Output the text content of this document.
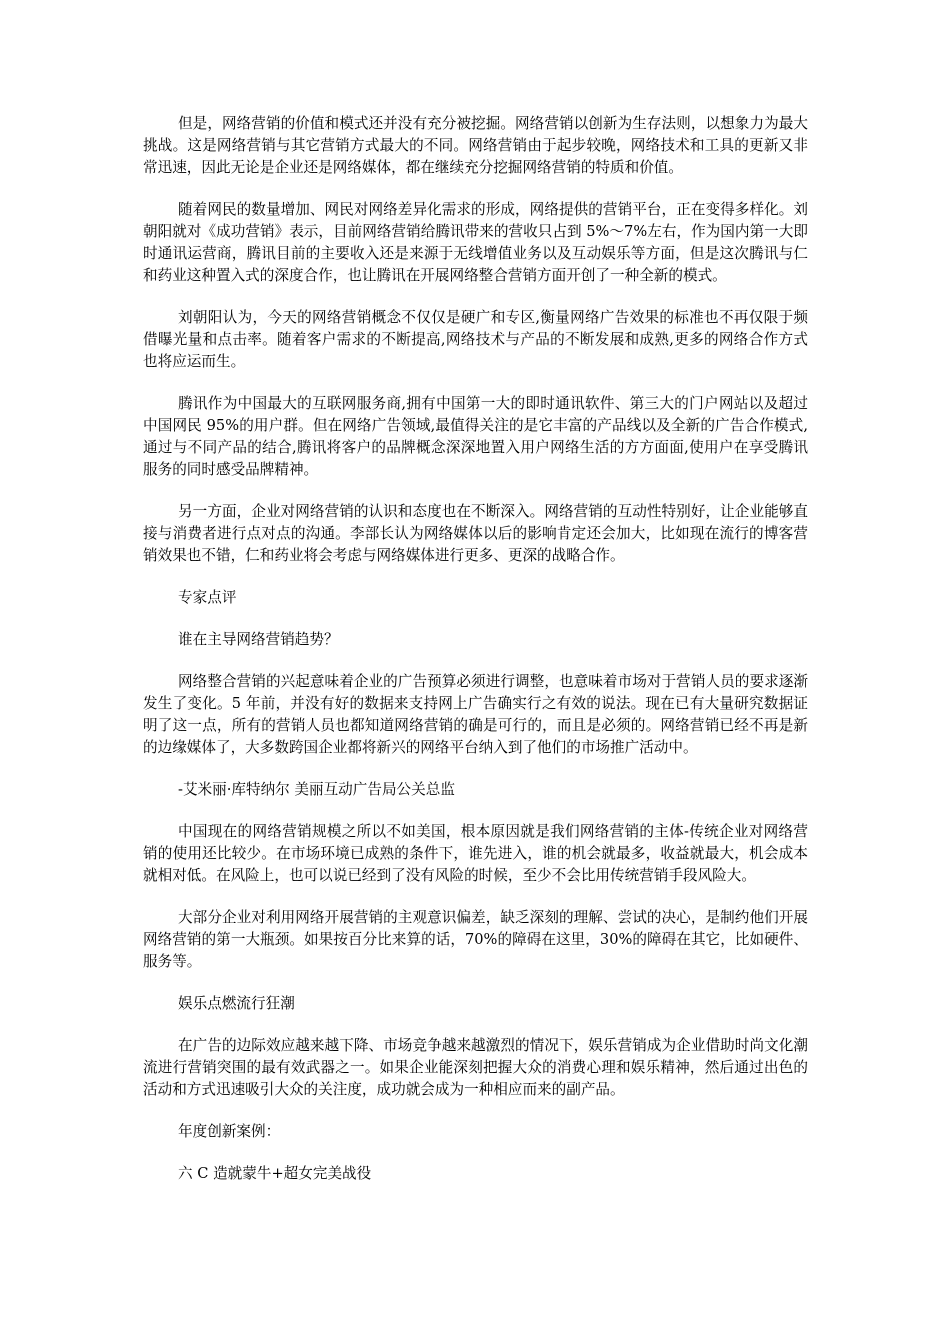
但是，网络营销的价值和模式还并没有充分被挖掘。网络营销以创新为生存法则，以想象力为最大挑战。这是网络营销与其它营销方式最大的不同。网络营销由于起步较晚，网络技术和工具的更新又非常迅速，因此无论是企业还是网络媒体，都在继续充分挖掘网络营销的特质和价值。

随着网民的数量增加、网民对网络差异化需求的形成，网络提供的营销平台，正在变得多样化。刘朝阳就对《成功营销》表示，目前网络营销给腾讯带来的营收只占到 5%～7%左右，作为国内第一大即时通讯运营商，腾讯目前的主要收入还是来源于无线增值业务以及互动娱乐等方面，但是这次腾讯与仁和药业这种置入式的深度合作，也让腾讯在开展网络整合营销方面开创了一种全新的模式。

刘朝阳认为，今天的网络营销概念不仅仅是硬广和专区,衡量网络广告效果的标准也不再仅限于频借曝光量和点击率。随着客户需求的不断提高,网络技术与产品的不断发展和成熟,更多的网络合作方式也将应运而生。

腾讯作为中国最大的互联网服务商,拥有中国第一大的即时通讯软件、第三大的门户网站以及超过中国网民 95%的用户群。但在网络广告领域,最值得关注的是它丰富的产品线以及全新的广告合作模式,通过与不同产品的结合,腾讯将客户的品牌概念深深地置入用户网络生活的方方面面,使用户在享受腾讯服务的同时感受品牌精神。

另一方面，企业对网络营销的认识和态度也在不断深入。网络营销的互动性特别好，让企业能够直接与消费者进行点对点的沟通。李部长认为网络媒体以后的影响肯定还会加大，比如现在流行的博客营销效果也不错，仁和药业将会考虑与网络媒体进行更多、更深的战略合作。

专家点评

谁在主导网络营销趋势？

网络整合营销的兴起意味着企业的广告预算必须进行调整，也意味着市场对于营销人员的要求逐渐发生了变化。5 年前，并没有好的数据来支持网上广告确实行之有效的说法。现在已有大量研究数据证明了这一点，所有的营销人员也都知道网络营销的确是可行的，而且是必须的。网络营销已经不再是新的边缘媒体了，大多数跨国企业都将新兴的网络平台纳入到了他们的市场推广活动中。

-艾米丽·库特纳尔 美丽互动广告局公关总监

中国现在的网络营销规模之所以不如美国，根本原因就是我们网络营销的主体-传统企业对网络营销的使用还比较少。在市场环境已成熟的条件下，谁先进入，谁的机会就最多，收益就最大，机会成本就相对低。在风险上，也可以说已经到了没有风险的时候，至少不会比用传统营销手段风险大。

大部分企业对利用网络开展营销的主观意识偏差，缺乏深刻的理解、尝试的决心，是制约他们开展网络营销的第一大瓶颈。如果按百分比来算的话，70%的障碍在这里，30%的障碍在其它，比如硬件、服务等。

娱乐点燃流行狂潮

在广告的边际效应越来越下降、市场竞争越来越激烈的情况下，娱乐营销成为企业借助时尚文化潮流进行营销突围的最有效武器之一。如果企业能深刻把握大众的消费心理和娱乐精神，然后通过出色的活动和方式迅速吸引大众的关注度，成功就会成为一种相应而来的副产品。

年度创新案例：

六 C 造就蒙牛+超女完美战役
